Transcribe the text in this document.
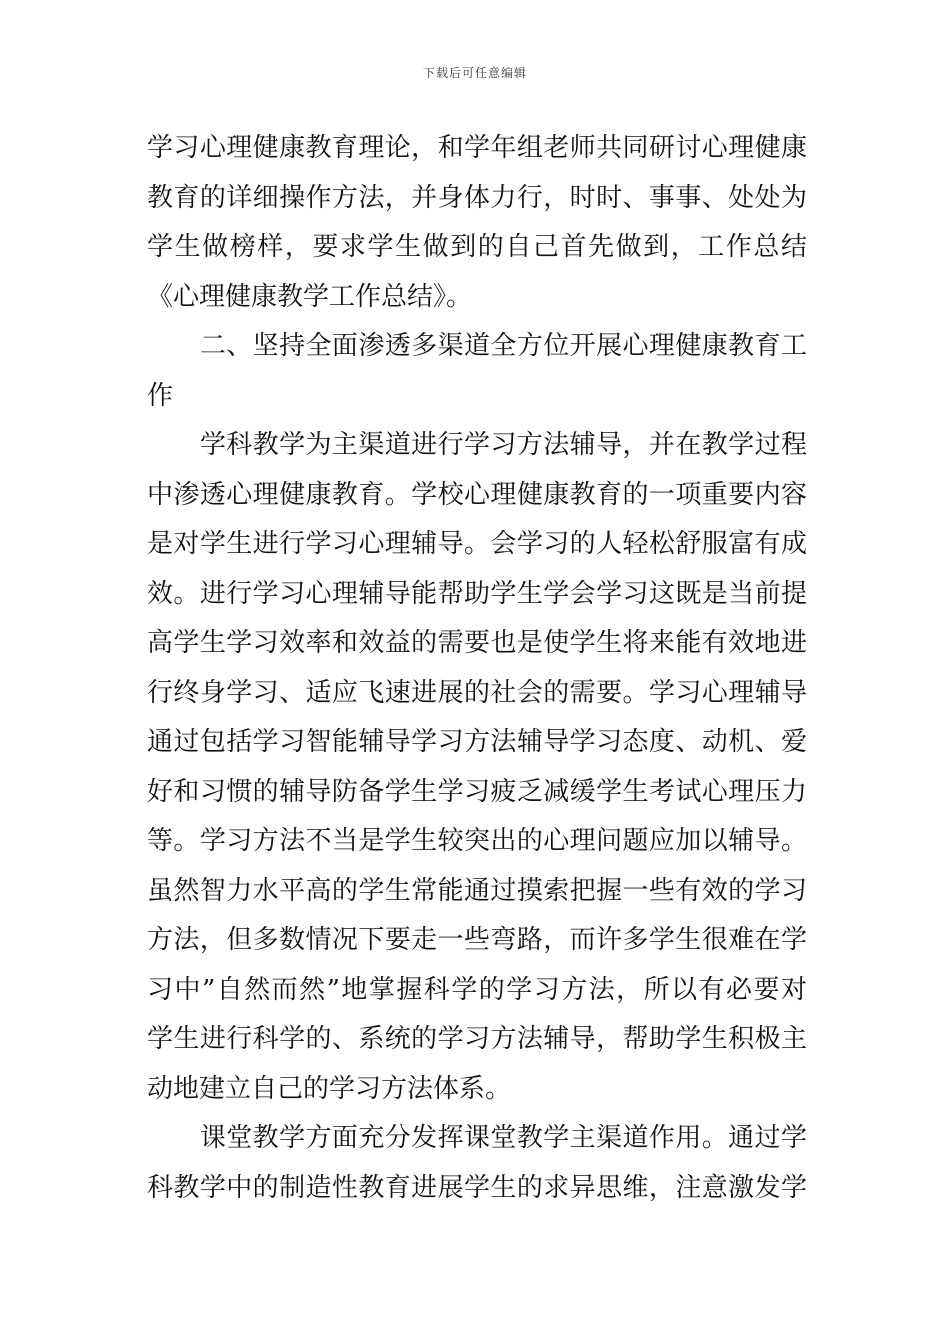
下载后可任意编辑
学习心理健康教育理论，和学年组老师共同研讨心理健康
教育的详细操作方法，并身体力行，时时、事事、处处为
学生做榜样，要求学生做到的自己首先做到，工作总结
《心理健康教学工作总结》。
　　二、坚持全面渗透多渠道全方位开展心理健康教育工
作
　　学科教学为主渠道进行学习方法辅导，并在教学过程
中渗透心理健康教育。学校心理健康教育的一项重要内容
是对学生进行学习心理辅导。会学习的人轻松舒服富有成
效。进行学习心理辅导能帮助学生学会学习这既是当前提
高学生学习效率和效益的需要也是使学生将来能有效地进
行终身学习、适应飞速进展的社会的需要。学习心理辅导
通过包括学习智能辅导学习方法辅导学习态度、动机、爱
好和习惯的辅导防备学生学习疲乏减缓学生考试心理压力
等。学习方法不当是学生较突出的心理问题应加以辅导。
虽然智力水平高的学生常能通过摸索把握一些有效的学习
方法，但多数情况下要走一些弯路，而许多学生很难在学
习中”自然而然”地掌握科学的学习方法，所以有必要对
学生进行科学的、系统的学习方法辅导，帮助学生积极主
动地建立自己的学习方法体系。
　　课堂教学方面充分发挥课堂教学主渠道作用。通过学
科教学中的制造性教育进展学生的求异思维，注意激发学
